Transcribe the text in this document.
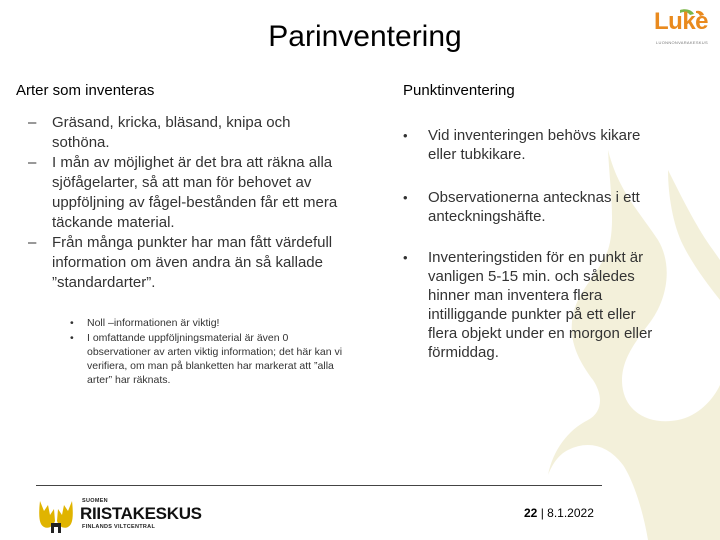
Parinventering	Luke
LUONNONVARAKESKUS
Arter som inventeras
– Gräsand, kricka, bläsand, knipa och sothöna.
– I mån av möjlighet är det bra att räkna alla sjöfågelarter, så att man för behovet av uppföljning av fågel-bestånden får ett mera täckande material.
– Från många punkter har man fått värdefull information om även andra än så kallade ”standardarter”.
• Noll –informationen är viktig!
• I omfattande uppföljningsmaterial är även 0 observationer av arten viktig information; det här kan vi verifiera, om man på blanketten har markerat att ”alla arter” har räknats.
Punktinventering
• Vid inventeringen behövs kikare eller tubkikare.
• Observationerna antecknas i ett anteckningshäfte.
• Inventeringstiden för en punkt är vanligen 5-15 min. och således hinner man inventera flera intilliggande punkter på ett eller flera objekt under en morgon eller förmiddag.
SUOMEN
RIISTAKESKUS
FINLANDS VILTCENTRAL
22 | 8.1.2022
